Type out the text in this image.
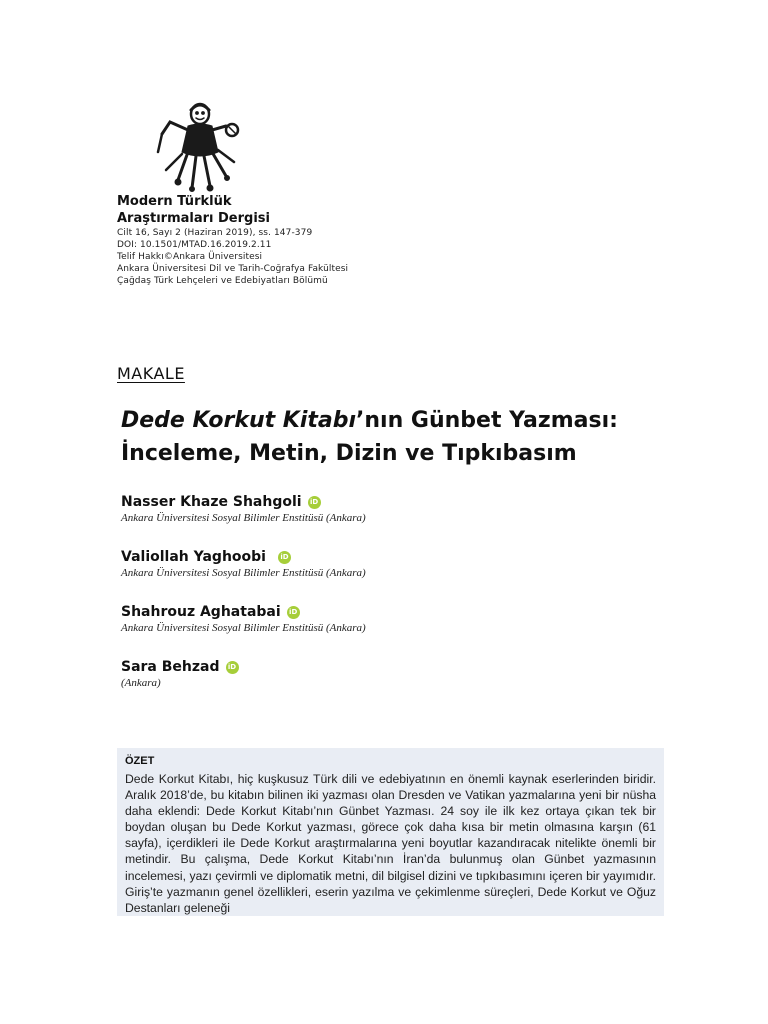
Modern Türklük
Araştırmaları Dergisi
Cilt 16, Sayı 2 (Haziran 2019), ss. 147-379
DOI: 10.1501/MTAD.16.2019.2.11
Telif Hakkı©Ankara Üniversitesi
Ankara Üniversitesi Dil ve Tarih-Coğrafya Fakültesi
Çağdaş Türk Lehçeleri ve Edebiyatları Bölümü
MAKALE
Dede Korkut Kitabı’nın Günbet Yazması:
İnceleme, Metin, Dizin ve Tıpkıbasım
Nasser Khaze Shahgoli	iD
Ankara Üniversitesi Sosyal Bilimler Enstitüsü (Ankara)
Valiollah Yaghoobi	iD
Ankara Üniversitesi Sosyal Bilimler Enstitüsü (Ankara)
Shahrouz Aghatabai	iD
Ankara Üniversitesi Sosyal Bilimler Enstitüsü (Ankara)
Sara Behzad	iD
(Ankara)
ÖZET
Dede Korkut Kitabı, hiç kuşkusuz Türk dili ve edebiyatının en önemli kaynak eserlerinden biridir. Aralık 2018’de, bu kitabın bilinen iki yazması olan Dresden ve Vatikan yazmalarına yeni bir nüsha daha eklendi: Dede Korkut Kitabı’nın Günbet Yazması. 24 soy ile ilk kez ortaya çıkan tek bir boydan oluşan bu Dede Korkut yazması, görece çok daha kısa bir metin olmasına karşın (61 sayfa), içerdikleri ile Dede Korkut araştırmalarına yeni boyutlar kazandıracak nitelikte önemli bir metindir. Bu çalışma, Dede Korkut Kitabı’nın İran’da bulunmuş olan Günbet yazmasının incelemesi, yazı çevirmli ve diplomatik metni, dil bilgisel dizini ve tıpkıbasımını içeren bir yayımıdır. Giriş’te yazmanın genel özellikleri, eserin yazılma ve çekimlenme süreçleri, Dede Korkut ve Oğuz Destanları geleneği
